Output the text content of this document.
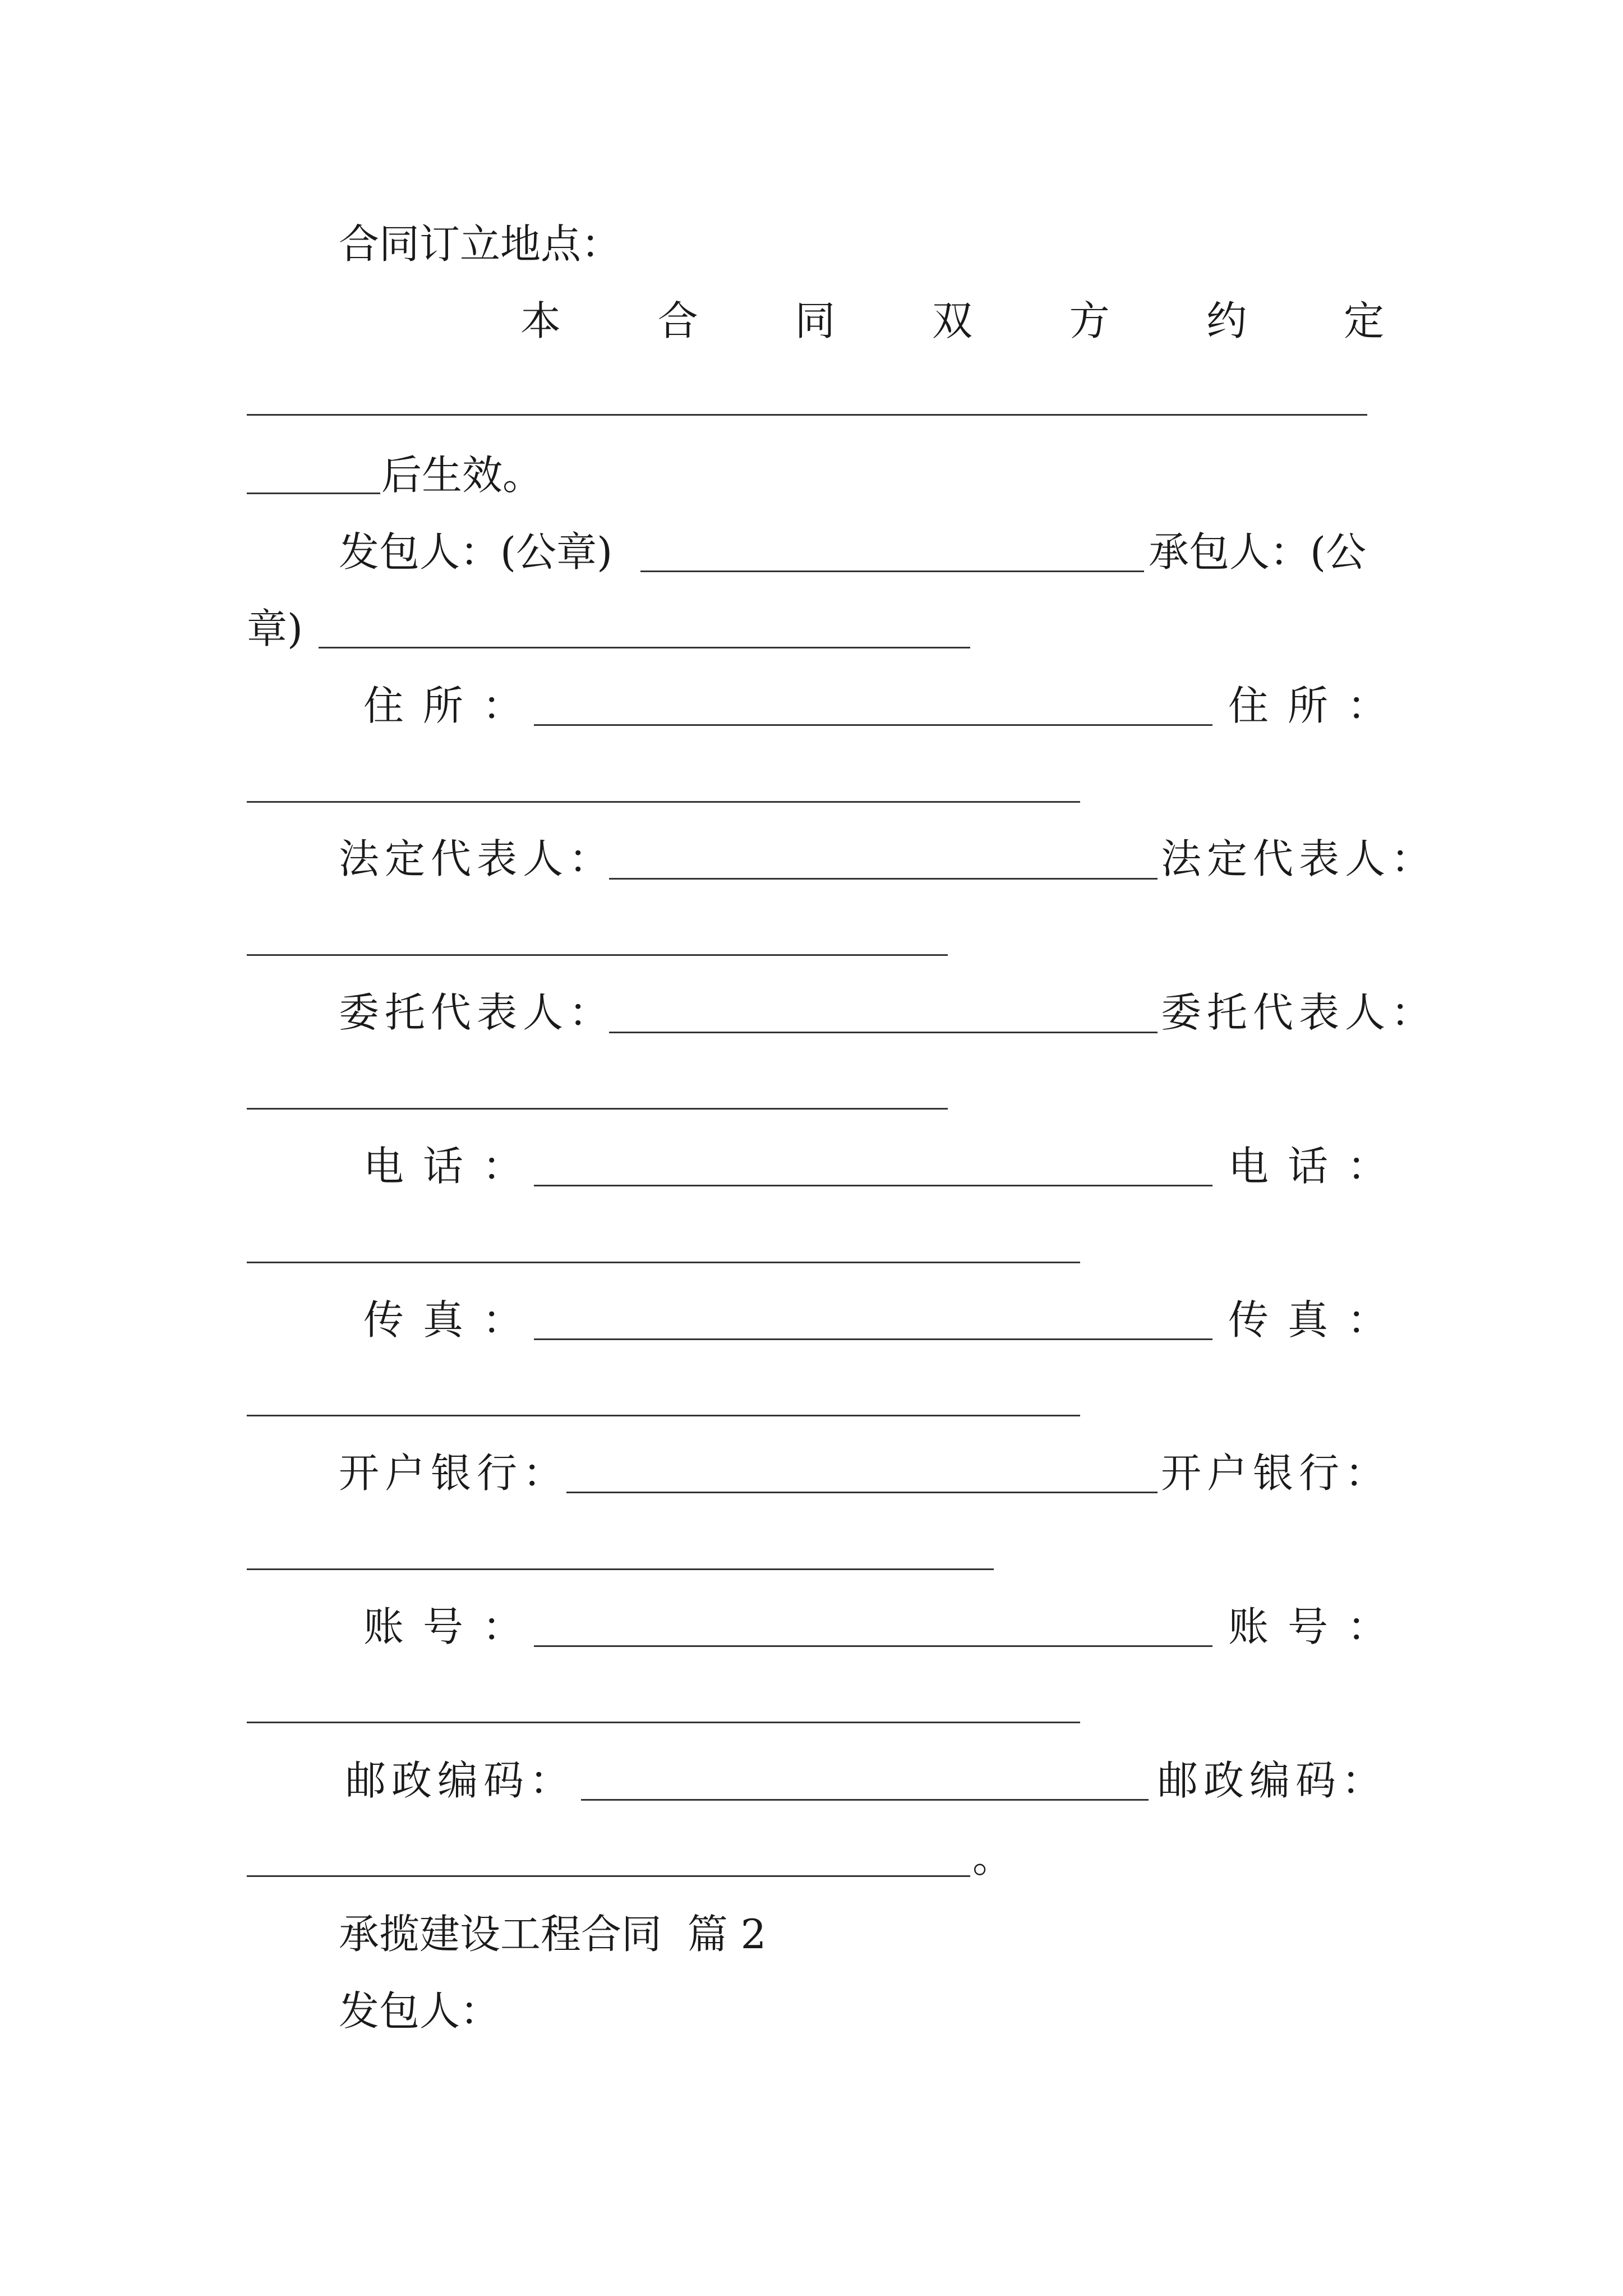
合同订立地点：
本 合 同 双 方 约 定
后生效。
发包人：(公章)	承包人：(公
章)
住所：	住所：
法定代表人：	法定代表人：
委托代表人：	委托代表人：
电话：	电话：
传真：	传真：
开户银行：	开户银行：
账号：	账号：
邮政编码：	邮政编码：
。
承揽建设工程合同  篇 2
发包人：
